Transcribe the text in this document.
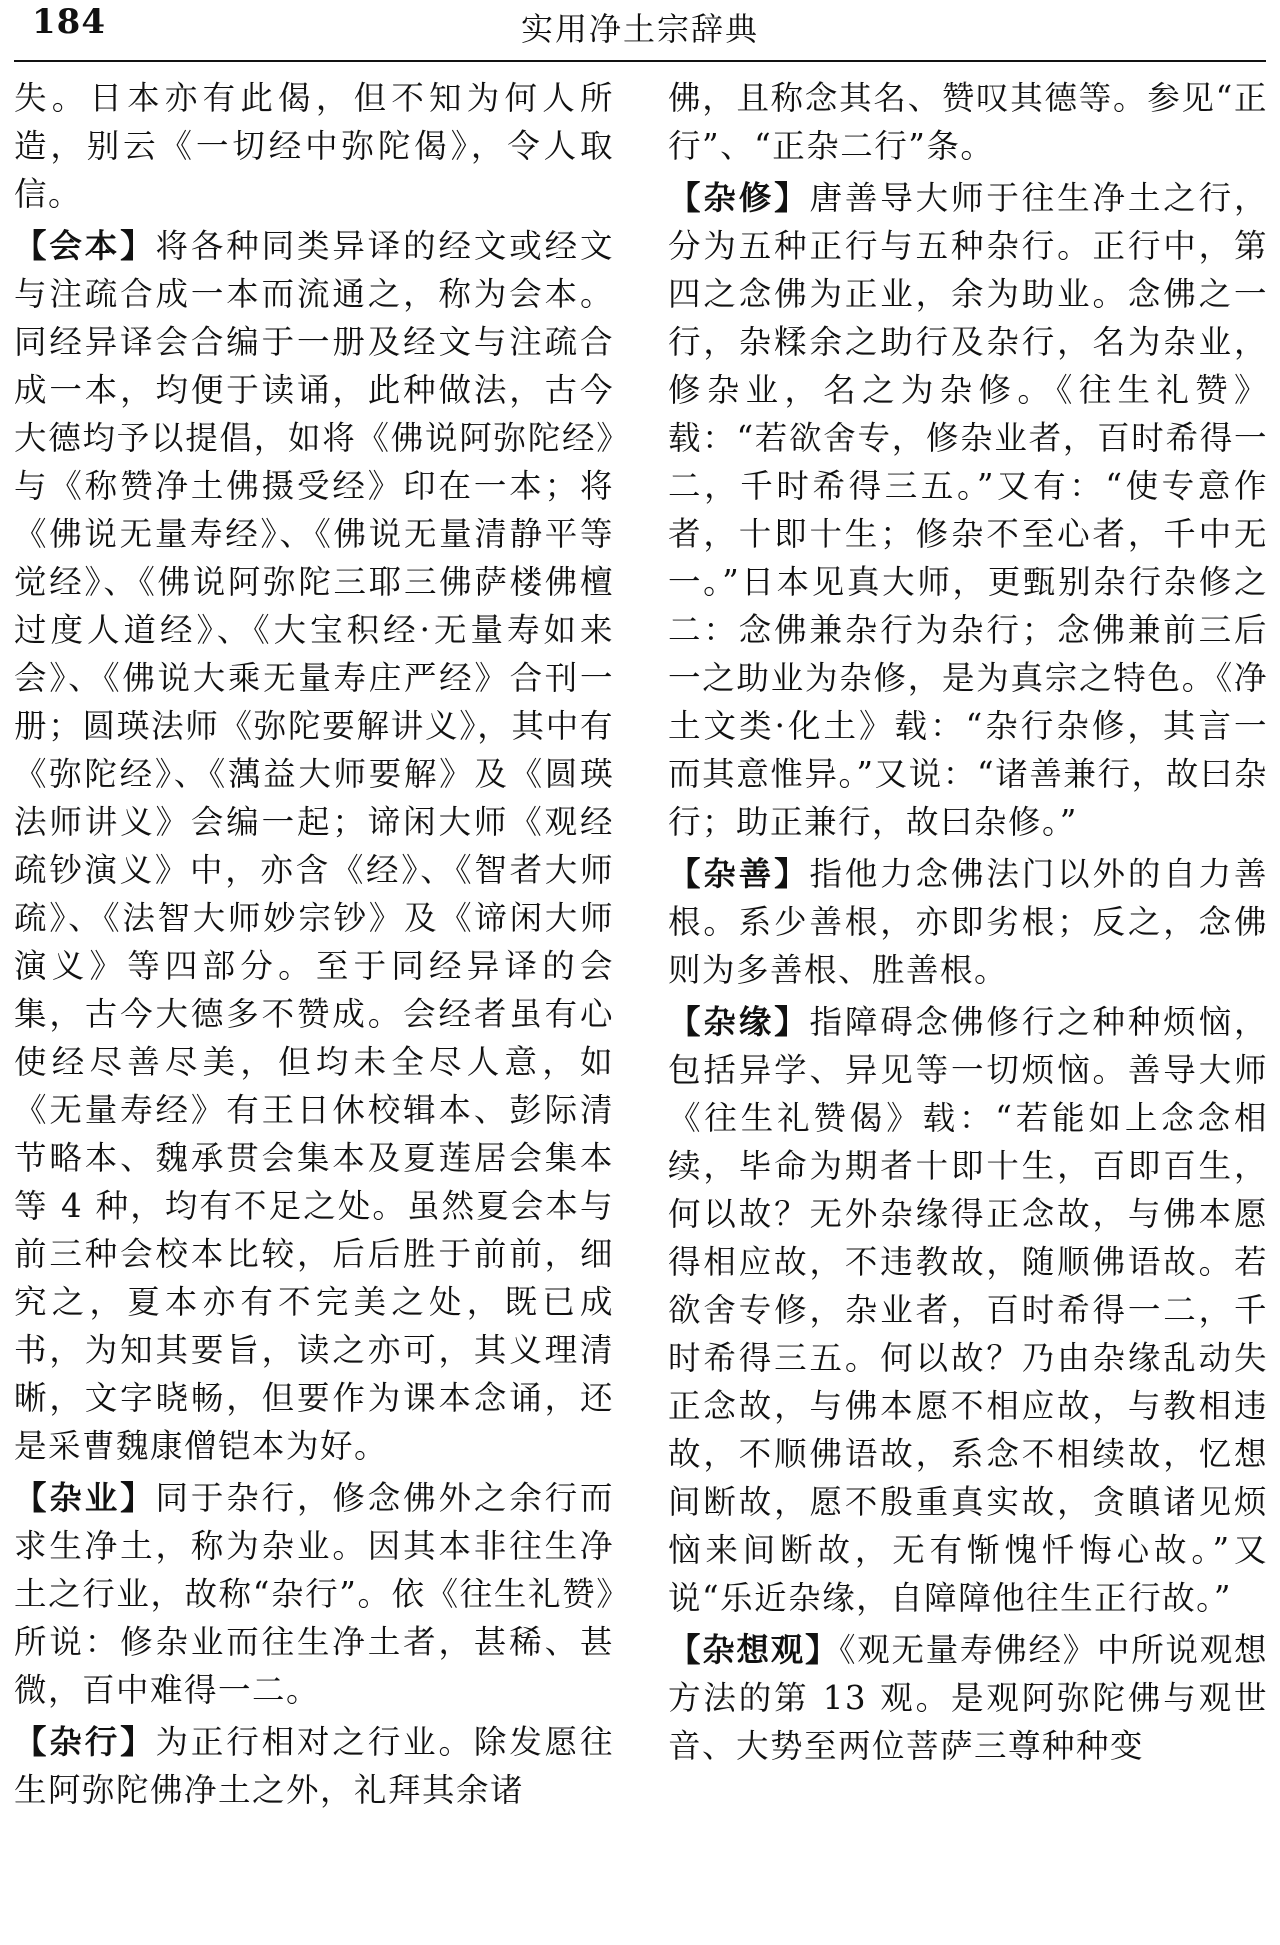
184	实用净土宗辞典

失。日本亦有此偈，但不知为何人所造，别云《一切经中弥陀偈》，令人取信。

【会本】将各种同类异译的经文或经文与注疏合成一本而流通之，称为会本。同经异译会合编于一册及经文与注疏合成一本，均便于读诵，此种做法，古今大德均予以提倡，如将《佛说阿弥陀经》与《称赞净土佛摄受经》印在一本；将《佛说无量寿经》、《佛说无量清静平等觉经》、《佛说阿弥陀三耶三佛萨楼佛檀过度人道经》、《大宝积经·无量寿如来会》、《佛说大乘无量寿庄严经》合刊一册；圆瑛法师《弥陀要解讲义》，其中有《弥陀经》、《蕅益大师要解》及《圆瑛法师讲义》会编一起；谛闲大师《观经疏钞演义》中，亦含《经》、《智者大师疏》、《法智大师妙宗钞》及《谛闲大师演义》等四部分。至于同经异译的会集，古今大德多不赞成。会经者虽有心使经尽善尽美，但均未全尽人意，如《无量寿经》有王日休校辑本、彭际清节略本、魏承贯会集本及夏莲居会集本等 4 种，均有不足之处。虽然夏会本与前三种会校本比较，后后胜于前前，细究之，夏本亦有不完美之处，既已成书，为知其要旨，读之亦可，其义理清晰，文字晓畅，但要作为课本念诵，还是采曹魏康僧铠本为好。

【杂业】同于杂行，修念佛外之余行而求生净土，称为杂业。因其本非往生净土之行业，故称“杂行”。依《往生礼赞》所说：修杂业而往生净土者，甚稀、甚微，百中难得一二。

【杂行】为正行相对之行业。除发愿往生阿弥陀佛净土之外，礼拜其余诸

佛，且称念其名、赞叹其德等。参见“正行”、“正杂二行”条。

【杂修】唐善导大师于往生净土之行，分为五种正行与五种杂行。正行中，第四之念佛为正业，余为助业。念佛之一行，杂糅余之助行及杂行，名为杂业，修杂业，名之为杂修。《往生礼赞》载：“若欲舍专，修杂业者，百时希得一二，千时希得三五。”又有：“使专意作者，十即十生；修杂不至心者，千中无一。”日本见真大师，更甄别杂行杂修之二：念佛兼杂行为杂行；念佛兼前三后一之助业为杂修，是为真宗之特色。《净土文类·化土》载：“杂行杂修，其言一而其意惟异。”又说：“诸善兼行，故曰杂行；助正兼行，故曰杂修。”

【杂善】指他力念佛法门以外的自力善根。系少善根，亦即劣根；反之，念佛则为多善根、胜善根。

【杂缘】指障碍念佛修行之种种烦恼，包括异学、异见等一切烦恼。善导大师《往生礼赞偈》载：“若能如上念念相续，毕命为期者十即十生，百即百生，何以故？无外杂缘得正念故，与佛本愿得相应故，不违教故，随顺佛语故。若欲舍专修，杂业者，百时希得一二，千时希得三五。何以故？乃由杂缘乱动失正念故，与佛本愿不相应故，与教相违故，不顺佛语故，系念不相续故，忆想间断故，愿不殷重真实故，贪瞋诸见烦恼来间断故，无有惭愧忏悔心故。”又说“乐近杂缘，自障障他往生正行故。”

【杂想观】《观无量寿佛经》中所说观想方法的第 13 观。是观阿弥陀佛与观世音、大势至两位菩萨三尊种种变
